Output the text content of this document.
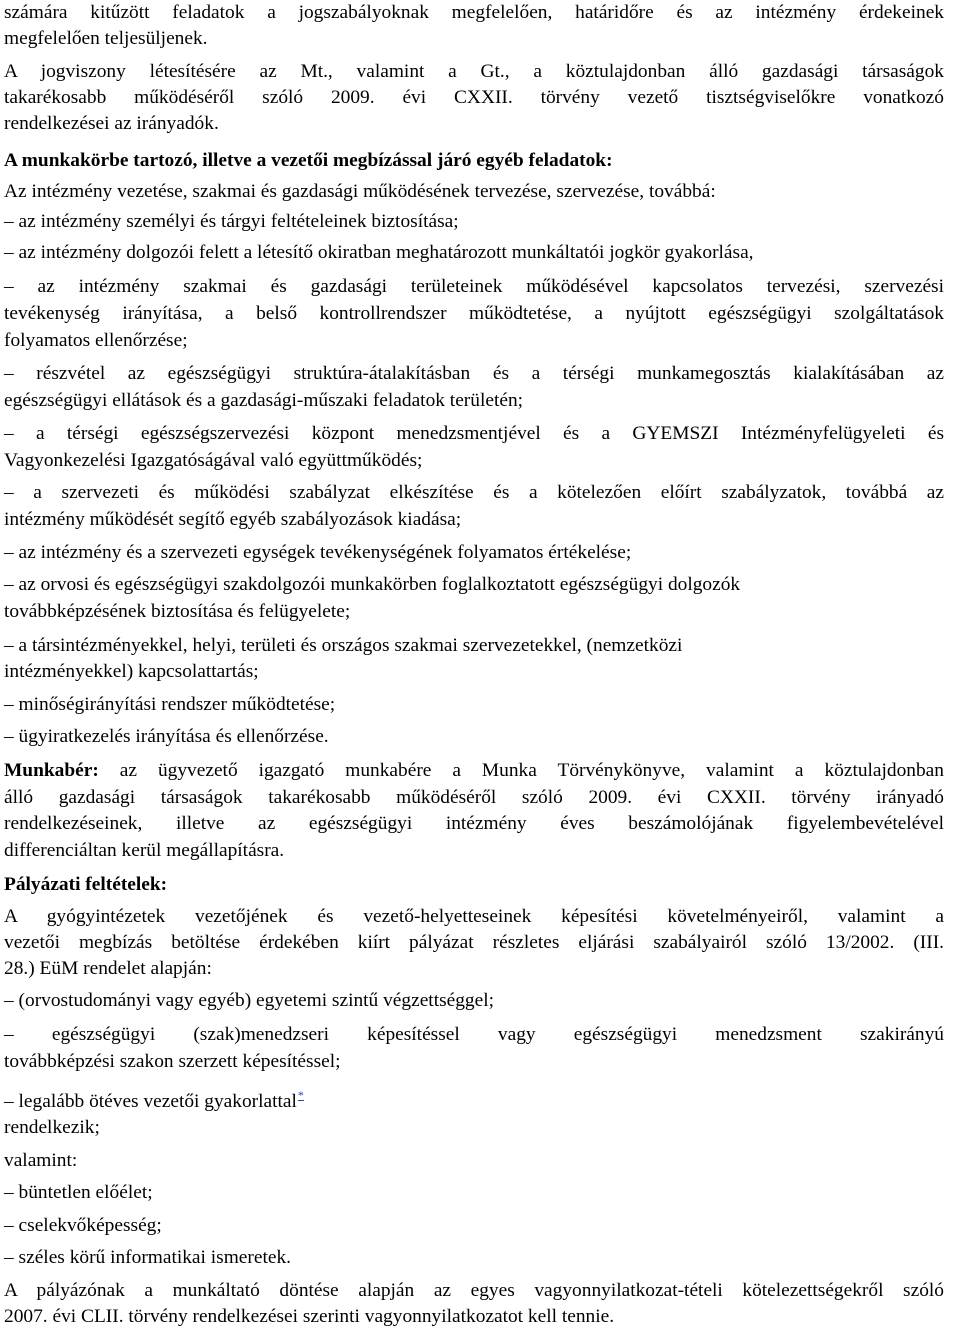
számára kitűzött feladatok a jogszabályoknak megfelelően, határidőre és az intézmény érdekeinek
megfelelően teljesüljenek.
A jogviszony létesítésére az Mt., valamint a Gt., a köztulajdonban álló gazdasági társaságok
takarékosabb működéséről szóló 2009. évi CXXII. törvény vezető tisztségviselőkre vonatkozó
rendelkezései az irányadók.
A munkakörbe tartozó, illetve a vezetői megbízással járó egyéb feladatok:
Az intézmény vezetése, szakmai és gazdasági működésének tervezése, szervezése, továbbá:
– az intézmény személyi és tárgyi feltételeinek biztosítása;
– az intézmény dolgozói felett a létesítő okiratban meghatározott munkáltatói jogkör gyakorlása,
– az intézmény szakmai és gazdasági területeinek működésével kapcsolatos tervezési, szervezési
tevékenység irányítása, a belső kontrollrendszer működtetése, a nyújtott egészségügyi szolgáltatások
folyamatos ellenőrzése;
– részvétel az egészségügyi struktúra-átalakításban és a térségi munkamegosztás kialakításában az
egészségügyi ellátások és a gazdasági-műszaki feladatok területén;
– a térségi egészségszervezési központ menedzsmentjével és a GYEMSZI Intézményfelügyeleti és
Vagyonkezelési Igazgatóságával való együttműködés;
– a szervezeti és működési szabályzat elkészítése és a kötelezően előírt szabályzatok, továbbá az
intézmény működését segítő egyéb szabályozások kiadása;
– az intézmény és a szervezeti egységek tevékenységének folyamatos értékelése;
– az orvosi és egészségügyi szakdolgozói munkakörben foglalkoztatott egészségügyi dolgozók
továbbképzésének biztosítása és felügyelete;
– a társintézményekkel, helyi, területi és országos szakmai szervezetekkel, (nemzetközi
intézményekkel) kapcsolattartás;
– minőségirányítási rendszer működtetése;
– ügyiratkezelés irányítása és ellenőrzése.
Munkabér: az ügyvezető igazgató munkabére a Munka Törvénykönyve, valamint a köztulajdonban
álló gazdasági társaságok takarékosabb működéséről szóló 2009. évi CXXII. törvény irányadó
rendelkezéseinek, illetve az egészségügyi intézmény éves beszámolójának figyelembevételével
differenciáltan kerül megállapításra.
Pályázati feltételek:
A gyógyintézetek vezetőjének és vezető-helyetteseinek képesítési követelményeiről, valamint a
vezetői megbízás betöltése érdekében kiírt pályázat részletes eljárási szabályairól szóló 13/2002. (III.
28.) EüM rendelet alapján:
– (orvostudományi vagy egyéb) egyetemi szintű végzettséggel;
– egészségügyi (szak)menedzseri képesítéssel vagy egészségügyi menedzsment szakirányú
továbbképzési szakon szerzett képesítéssel;
– legalább ötéves vezetői gyakorlattal*
rendelkezik;
valamint:
– büntetlen előélet;
– cselekvőképesség;
– széles körű informatikai ismeretek.
A pályázónak a munkáltató döntése alapján az egyes vagyonnyilatkozat-tételi kötelezettségekről szóló
2007. évi CLII. törvény rendelkezései szerinti vagyonnyilatkozatot kell tennie.
